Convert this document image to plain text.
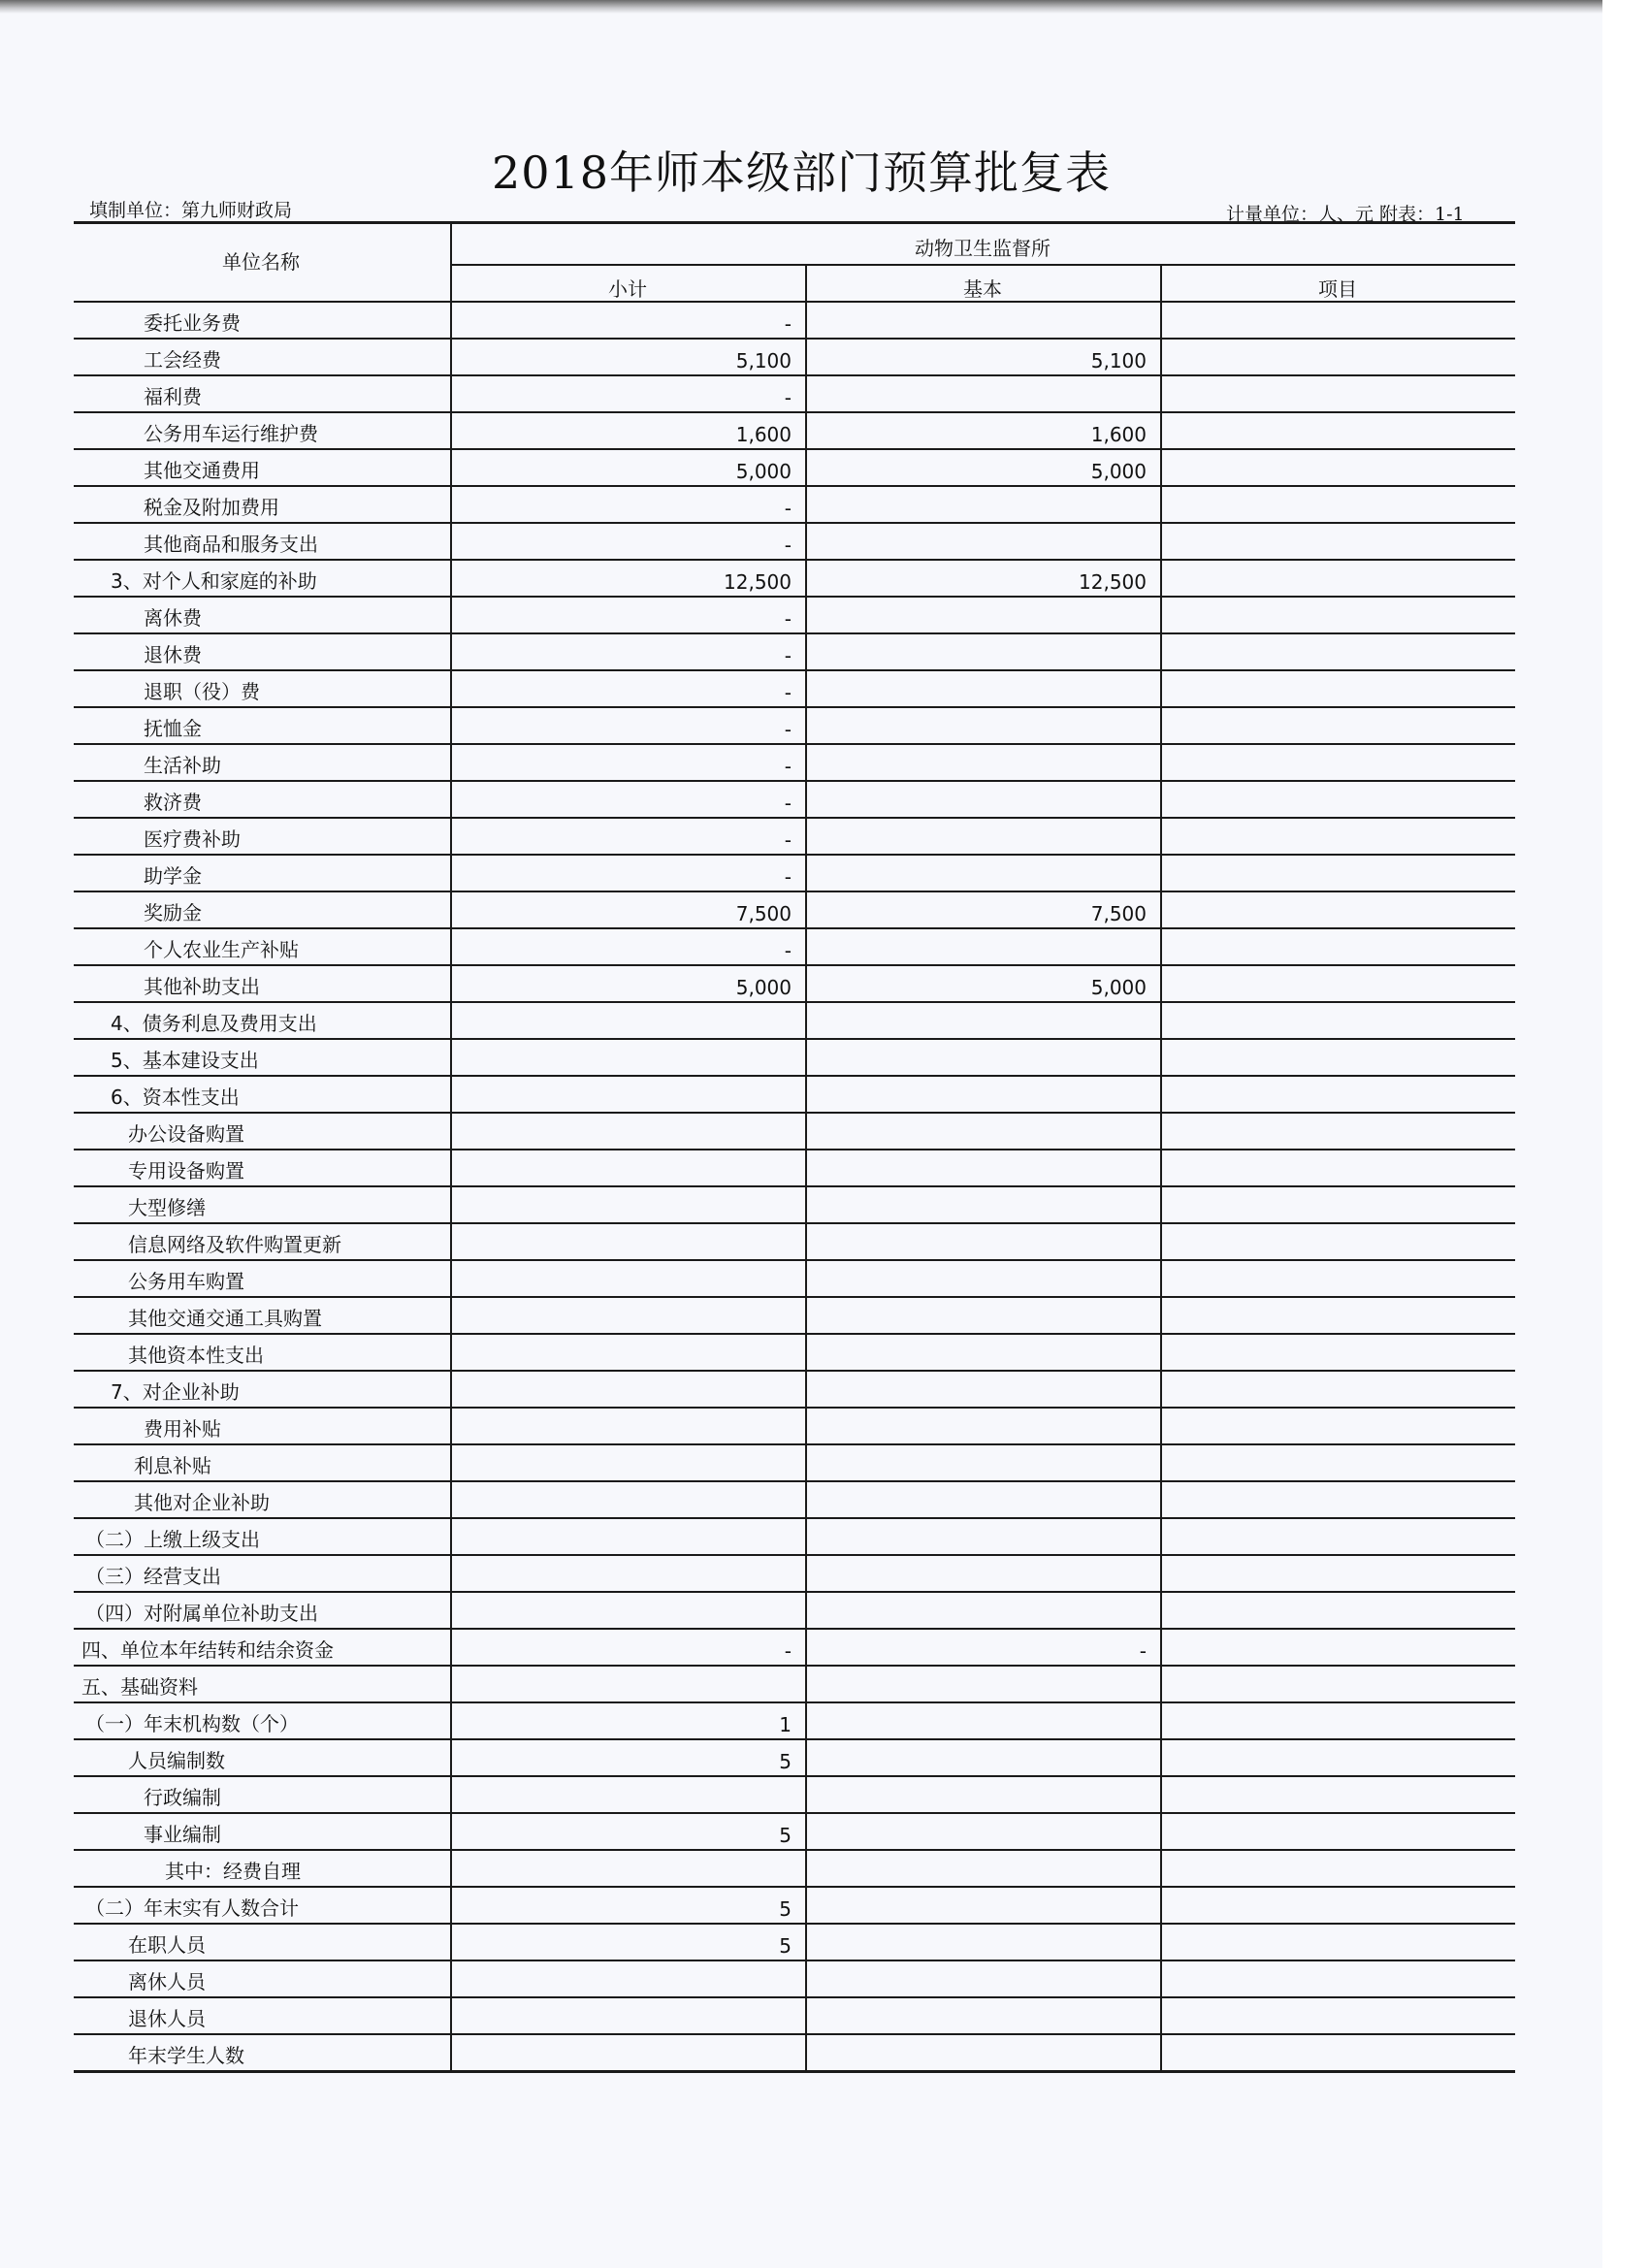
2018年师本级部门预算批复表
填制单位：第九师财政局	计量单位：人、元 附表：1-1
单位名称
动物卫生监督所
小计	基本	项目
委托业务费	-
工会经费	5,100	5,100
福利费	-
公务用车运行维护费	1,600	1,600
其他交通费用	5,000	5,000
税金及附加费用	-
其他商品和服务支出	-
3、对个人和家庭的补助	12,500	12,500
离休费	-
退休费	-
退职（役）费	-
抚恤金	-
生活补助	-
救济费	-
医疗费补助	-
助学金	-
奖励金	7,500	7,500
个人农业生产补贴	-
其他补助支出	5,000	5,000
4、债务利息及费用支出
5、基本建设支出
6、资本性支出
办公设备购置
专用设备购置
大型修缮
信息网络及软件购置更新
公务用车购置
其他交通交通工具购置
其他资本性支出
7、对企业补助
费用补贴
利息补贴
其他对企业补助
（二）上缴上级支出
（三）经营支出
（四）对附属单位补助支出
四、单位本年结转和结余资金	-	-
五、基础资料
（一）年末机构数（个）	1
人员编制数	5
行政编制
事业编制	5
其中：经费自理
（二）年末实有人数合计	5
在职人员	5
离休人员
退休人员
年末学生人数
